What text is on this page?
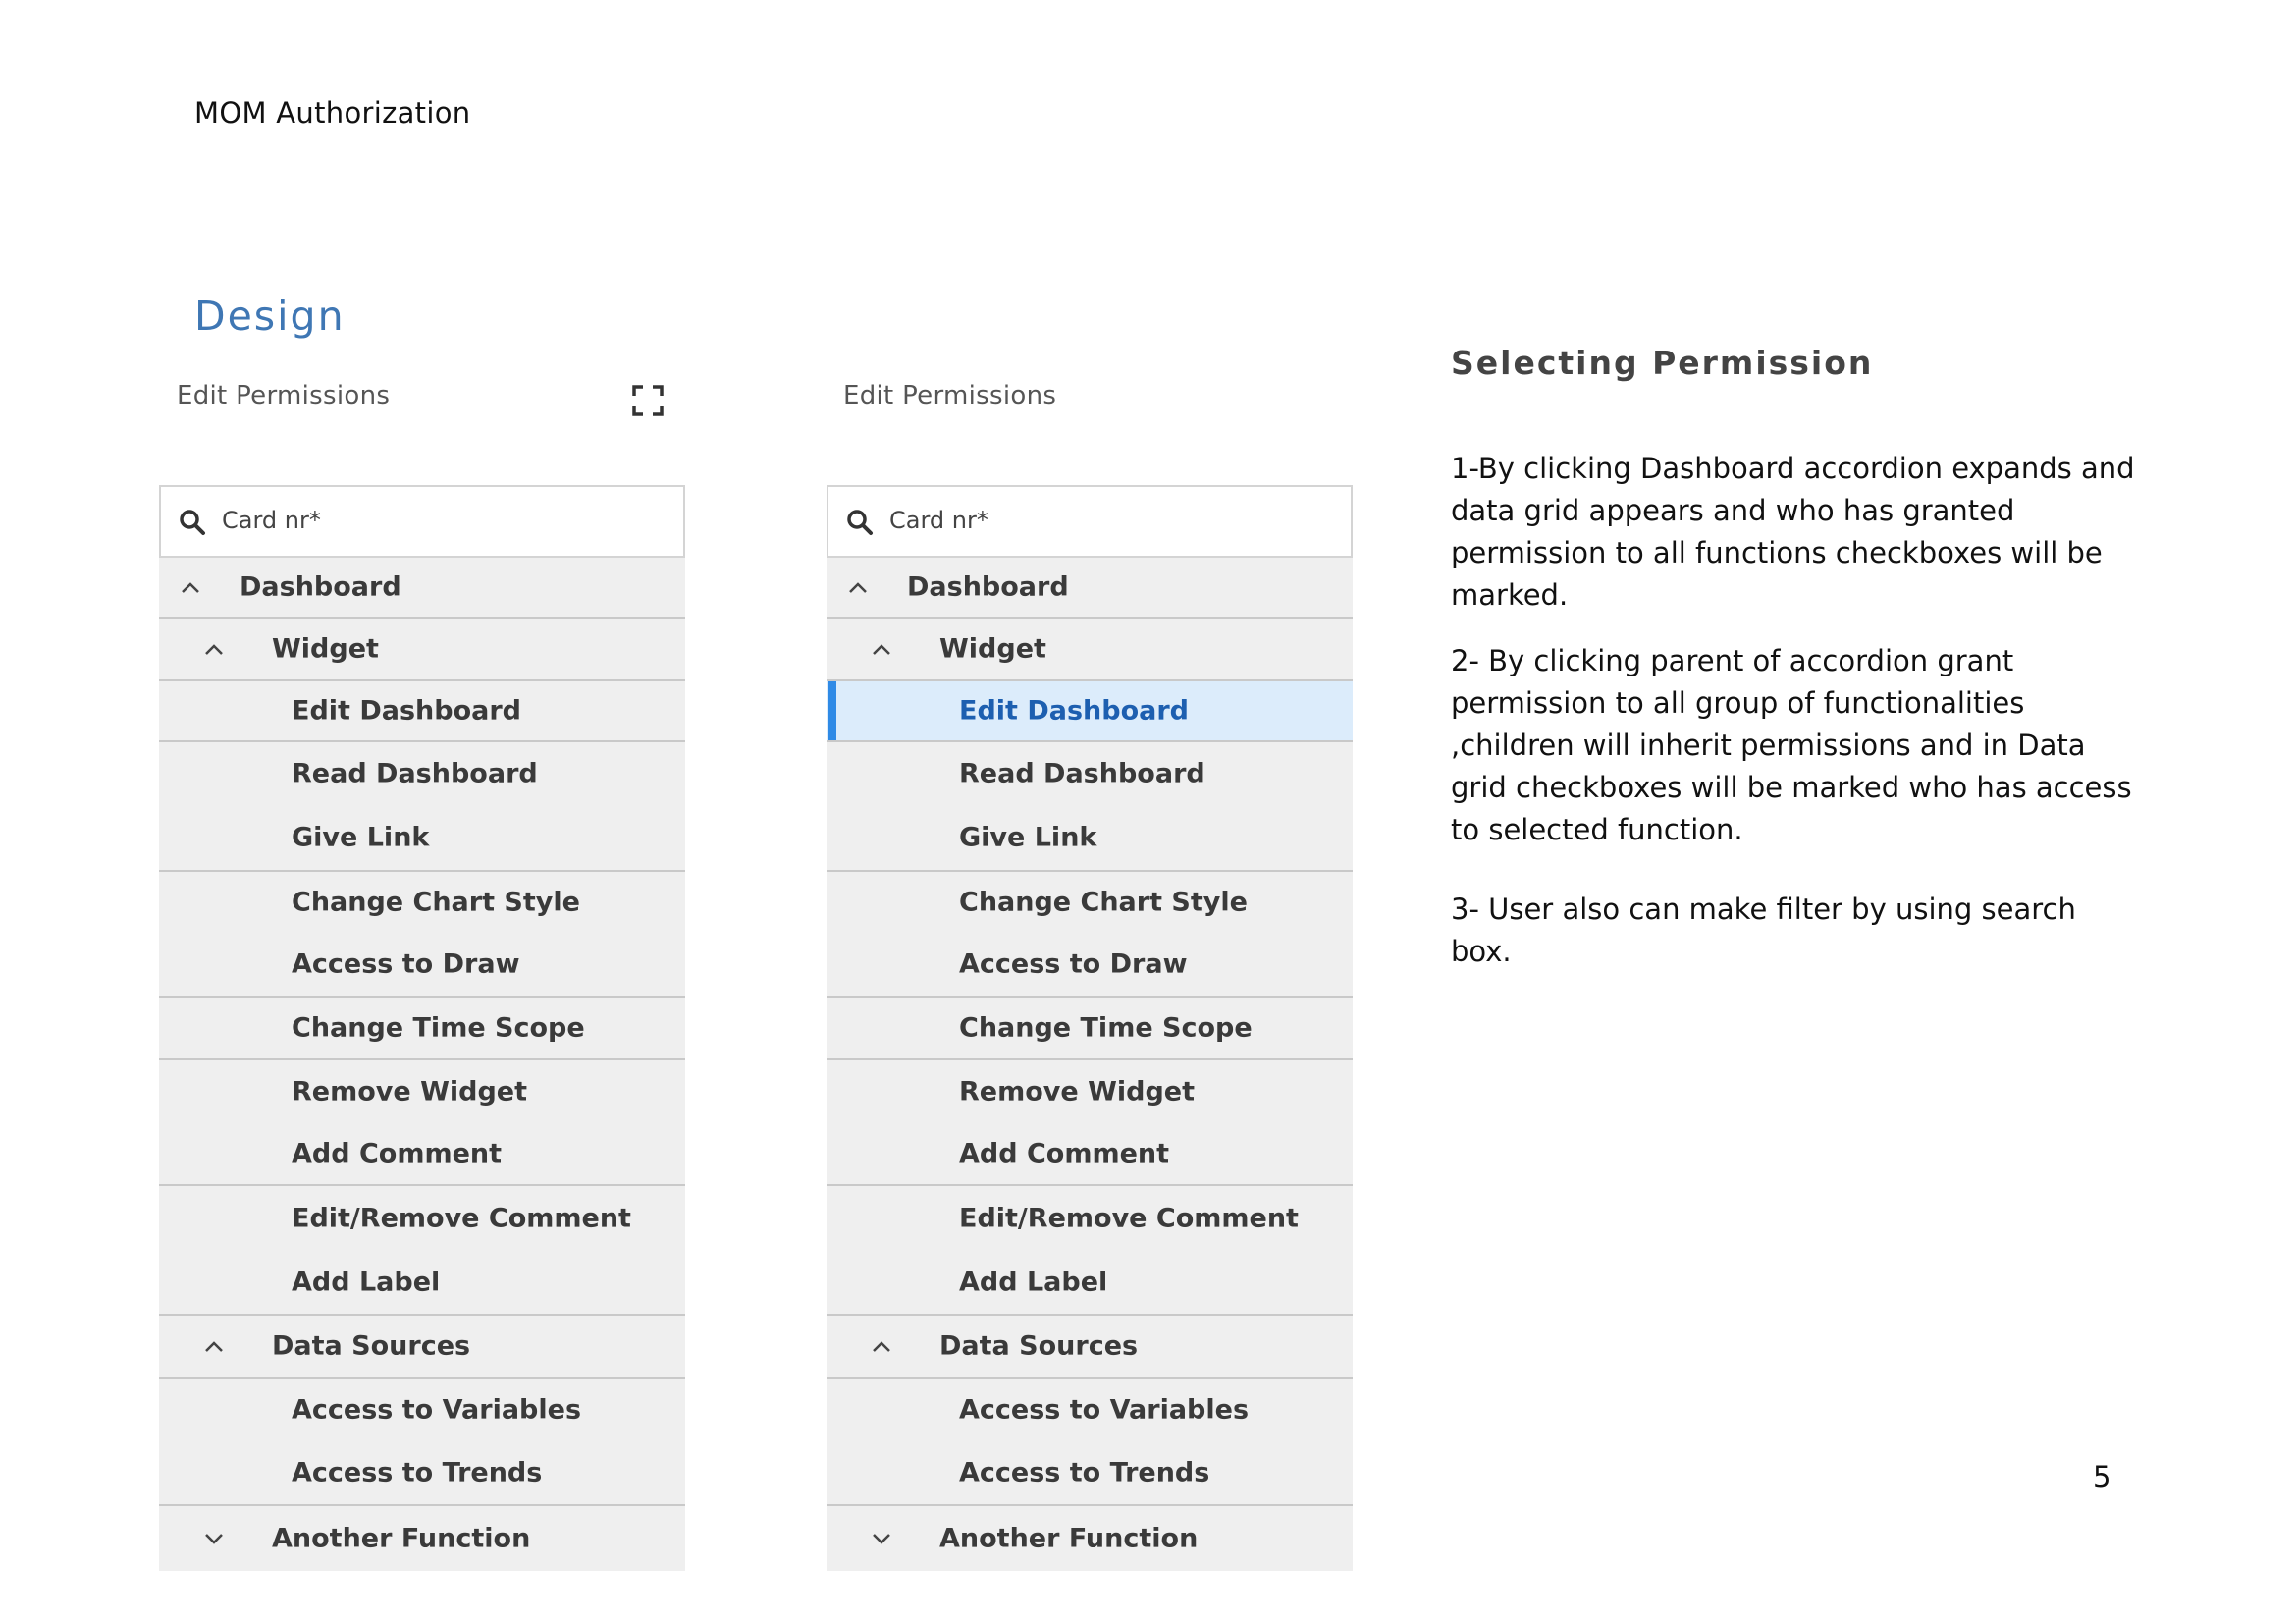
MOM Authorization
Design
Edit Permissions	Edit Permissions
Card nr*
Dashboard
Widget
Edit Dashboard
Read Dashboard
Give Link
Change Chart Style
Access to Draw
Change Time Scope
Remove Widget
Add Comment
Edit/Remove Comment
Add Label
Data Sources
Access to Variables
Access to Trends
Another Function
Card nr*
Dashboard
Widget
Edit Dashboard
Read Dashboard
Give Link
Change Chart Style
Access to Draw
Change Time Scope
Remove Widget
Add Comment
Edit/Remove Comment
Add Label
Data Sources
Access to Variables
Access to Trends
Another Function
Selecting Permission

1-By clicking Dashboard accordion expands and data grid appears and who has granted permission to all functions checkboxes will be marked.

2- By clicking parent of accordion grant permission to all group of functionalities ,children will inherit permissions and in Data grid checkboxes will be marked who has access to selected function.

3- User also can make filter by using search box.

5
